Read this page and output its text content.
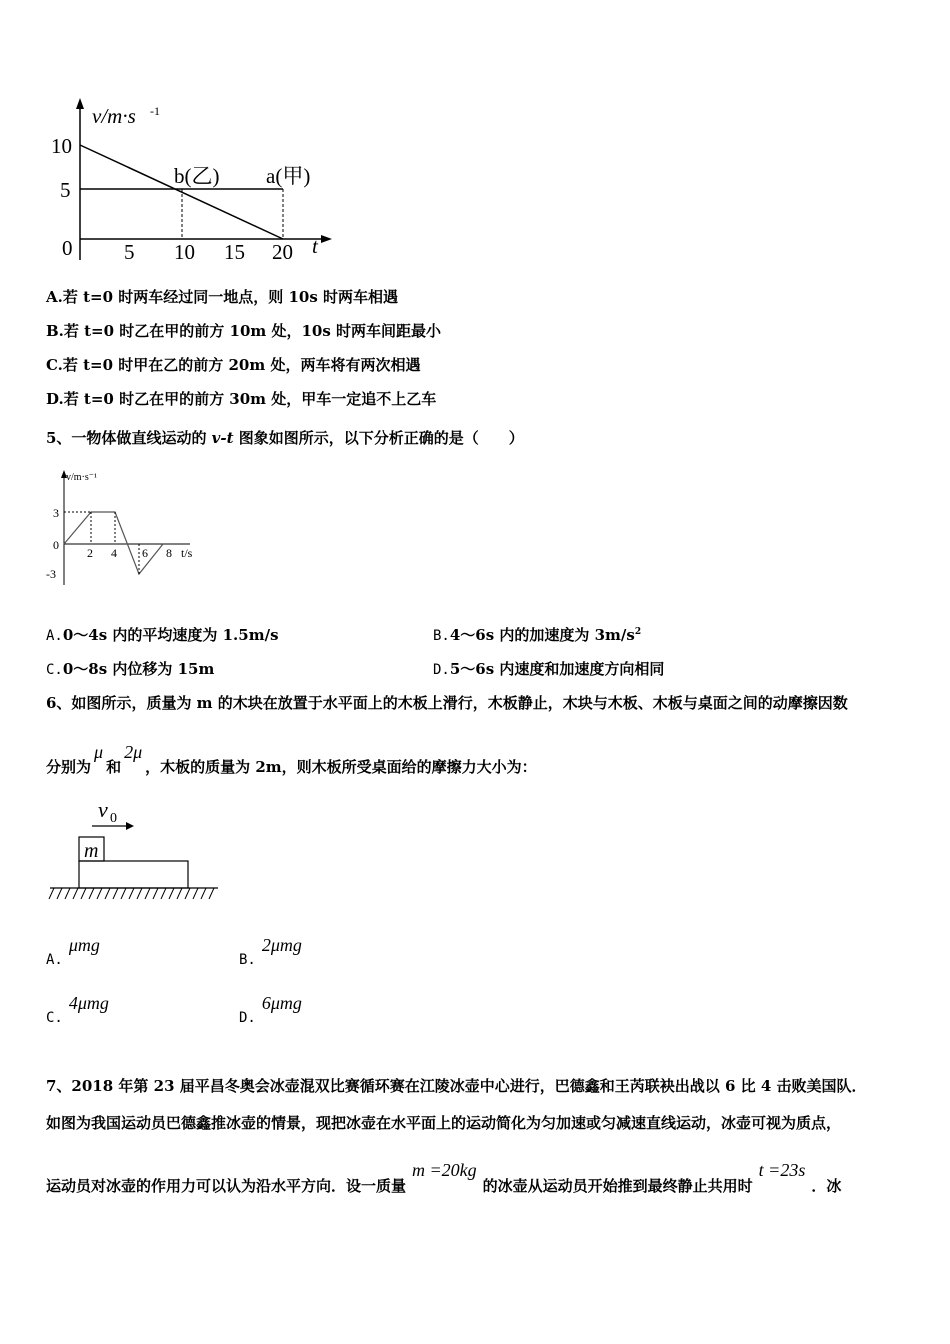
v/m·s -1
10
5
0 5 10 15 20 t
b(乙) a(甲)
A.若 t=0 时两车经过同一地点，则 10s 时两车相遇
B.若 t=0 时乙在甲的前方 10m 处，10s 时两车间距最小
C.若 t=0 时甲在乙的前方 20m 处，两车将有两次相遇
D.若 t=0 时乙在甲的前方 30m 处，甲车一定追不上乙车
5、一物体做直线运动的 v-t 图象如图所示，以下分析正确的是（　　）
v/m·s⁻¹
3
0
-3
2 4 6 8 t/s
A.0～4s 内的平均速度为 1.5m/s	B.4～6s 内的加速度为 $3m/s^2$
C.0～8s 内位移为 15m	D.5～6s 内速度和加速度方向相同
6、如图所示，质量为 m 的木块在放置于水平面上的木板上滑行，木板静止，木块与木板、木板与桌面之间的动摩擦因数
分别为μ和2μ，木板的质量为 2m，则木板所受桌面给的摩擦力大小为：
v 0
m
A.μmg
B.2μmg
C.4μmg
D.6μmg
7、2018 年第 23 届平昌冬奥会冰壶混双比赛循环赛在江陵冰壶中心进行，巴德鑫和王芮联袂出战以 6 比 4 击败美国队．
如图为我国运动员巴德鑫推冰壶的情景，现把冰壶在水平面上的运动简化为匀加速或匀减速直线运动，冰壶可视为质点，
运动员对冰壶的作用力可以认为沿水平方向．设一质量m =20kg的冰壶从运动员开始推到最终静止共用时t =23s．冰
